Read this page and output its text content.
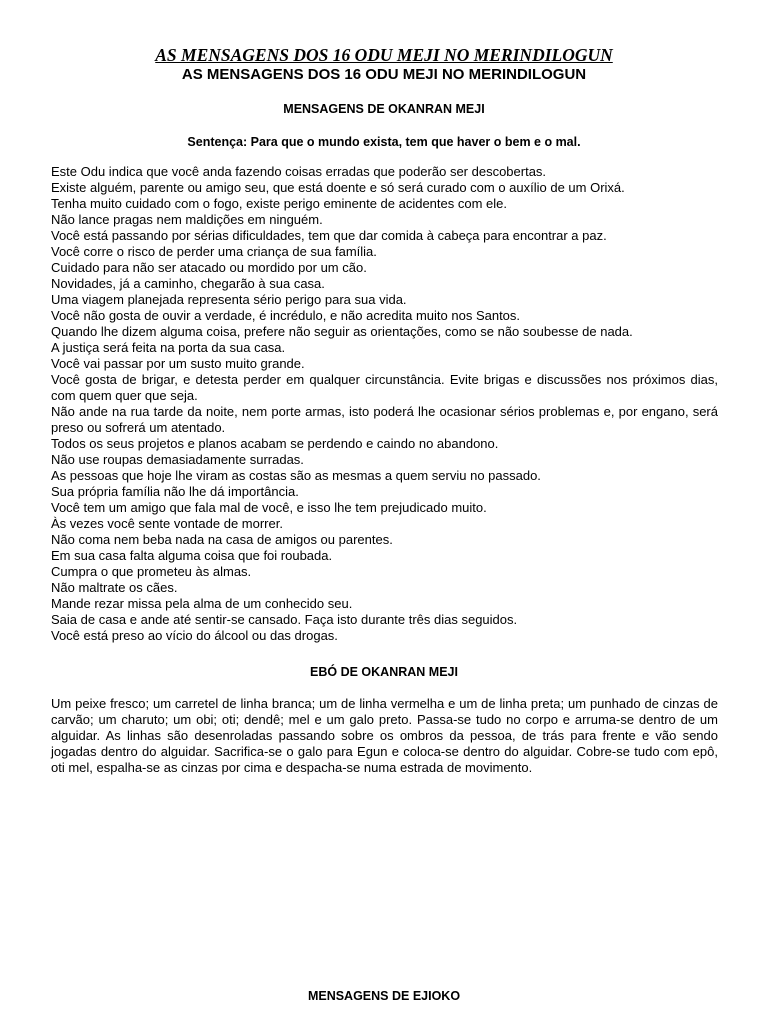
AS MENSAGENS DOS 16 ODU MEJI NO MERINDILOGUN
AS MENSAGENS DOS 16 ODU MEJI NO MERINDILOGUN
MENSAGENS DE OKANRAN MEJI
Sentença: Para que o mundo exista, tem que haver o bem e o mal.
Este Odu indica que você anda fazendo coisas erradas que poderão ser descobertas.
Existe alguém, parente ou amigo seu, que está doente e só será curado com o auxílio de um Orixá.
Tenha muito cuidado com o fogo, existe perigo eminente de acidentes com ele.
Não lance pragas nem maldições em ninguém.
Você está passando por sérias dificuldades, tem que dar comida à cabeça para encontrar a paz.
Você corre o risco de perder uma criança de sua família.
Cuidado para não ser atacado ou mordido por um cão.
Novidades, já a caminho, chegarão à sua casa.
Uma viagem planejada representa sério perigo para sua vida.
Você não gosta de ouvir a verdade, é incrédulo, e não acredita muito nos Santos.
Quando lhe dizem alguma coisa, prefere não seguir as orientações, como se não soubesse de nada.
A justiça será feita na porta da sua casa.
Você vai passar por um susto muito grande.
Você gosta de brigar, e detesta perder em qualquer circunstância. Evite brigas e discussões nos próximos dias, com quem quer que seja.
Não ande na rua tarde da noite, nem porte armas, isto poderá lhe ocasionar sérios problemas e, por engano, será preso ou sofrerá um atentado.
Todos os seus projetos e planos acabam se perdendo e caindo no abandono.
Não use roupas demasiadamente surradas.
As pessoas que hoje lhe viram as costas são as mesmas a quem serviu no passado.
Sua própria família não lhe dá importância.
Você tem um amigo que fala mal de você, e isso lhe tem prejudicado muito.
Às vezes você sente vontade de morrer.
Não coma nem beba nada na casa de amigos ou parentes.
Em sua casa falta alguma coisa que foi roubada.
Cumpra o que prometeu às almas.
Não maltrate os cães.
Mande rezar missa pela alma de um conhecido seu.
Saia de casa e ande até sentir-se cansado. Faça isto durante três dias seguidos.
Você está preso ao vício do álcool ou das drogas.
EBÓ DE OKANRAN MEJI
Um peixe fresco; um carretel de linha branca; um de linha vermelha e um de linha preta; um punhado de cinzas de carvão; um charuto; um obi; oti; dendê; mel e um galo preto. Passa-se tudo no corpo e arruma-se dentro de um alguidar. As linhas são desenroladas passando sobre os ombros da pessoa, de trás para frente e vão sendo jogadas dentro do alguidar. Sacrifica-se o galo para Egun e coloca-se dentro do alguidar. Cobre-se tudo com epô, oti mel, espalha-se as cinzas por cima e despacha-se numa estrada de movimento.
MENSAGENS DE EJIOKO
